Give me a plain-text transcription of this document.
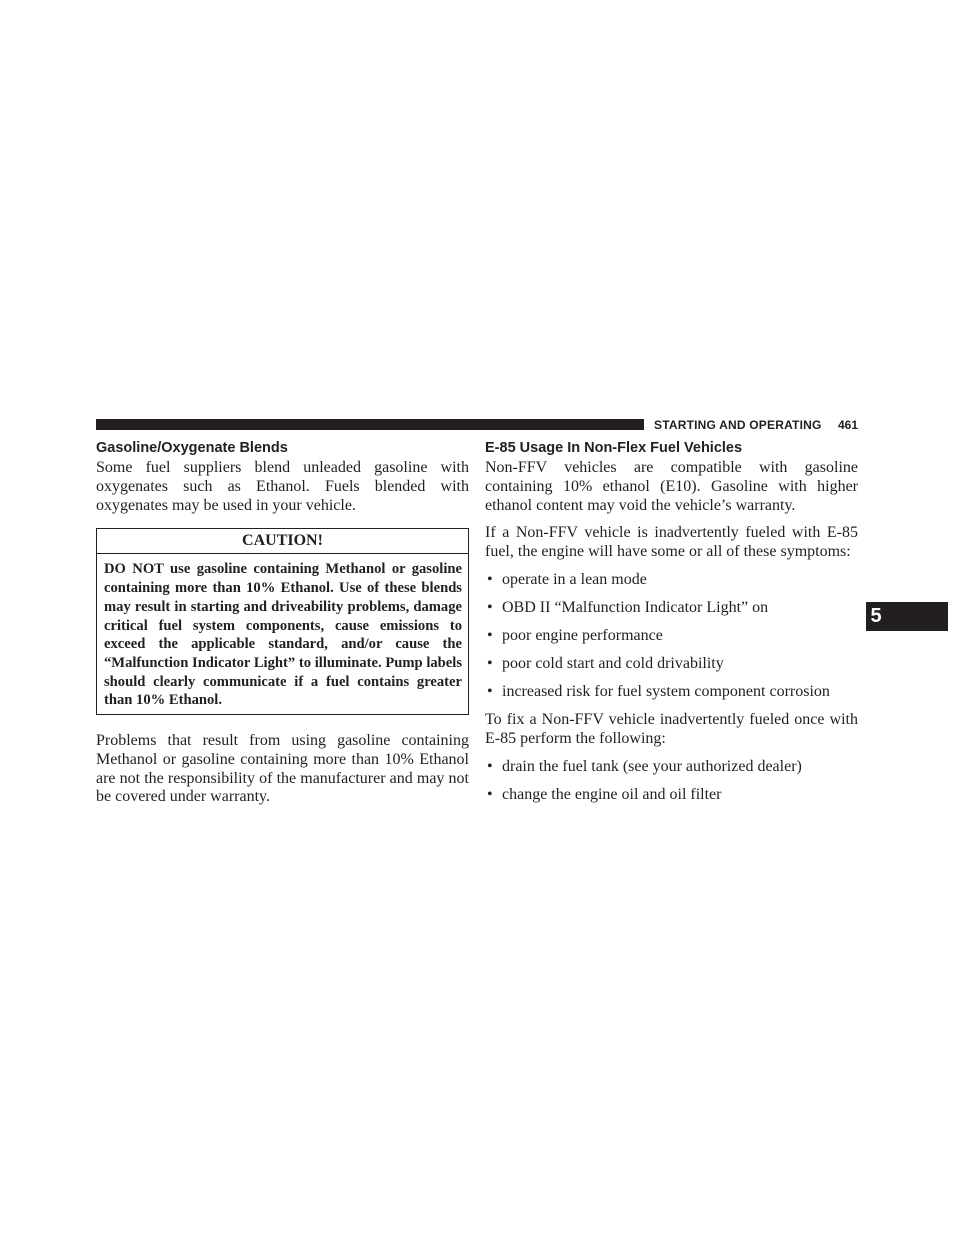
STARTING AND OPERATING 461
Gasoline/Oxygenate Blends

Some fuel suppliers blend unleaded gasoline with oxygenates such as Ethanol. Fuels blended with oxygenates may be used in your vehicle.

CAUTION!
DO NOT use gasoline containing Methanol or gasoline containing more than 10% Ethanol. Use of these blends may result in starting and driveability problems, damage critical fuel system components, cause emissions to exceed the applicable standard, and/or cause the “Malfunction Indicator Light” to illuminate. Pump labels should clearly communicate if a fuel contains greater than 10% Ethanol.

Problems that result from using gasoline containing Methanol or gasoline containing more than 10% Ethanol are not the responsibility of the manufacturer and may not be covered under warranty.

E-85 Usage In Non-Flex Fuel Vehicles

Non-FFV vehicles are compatible with gasoline containing 10% ethanol (E10). Gasoline with higher ethanol content may void the vehicle’s warranty.

If a Non-FFV vehicle is inadvertently fueled with E-85 fuel, the engine will have some or all of these symptoms:

• operate in a lean mode
• OBD II “Malfunction Indicator Light” on
• poor engine performance
• poor cold start and cold drivability
• increased risk for fuel system component corrosion

To fix a Non-FFV vehicle inadvertently fueled once with E-85 perform the following:

• drain the fuel tank (see your authorized dealer)
• change the engine oil and oil filter
5
